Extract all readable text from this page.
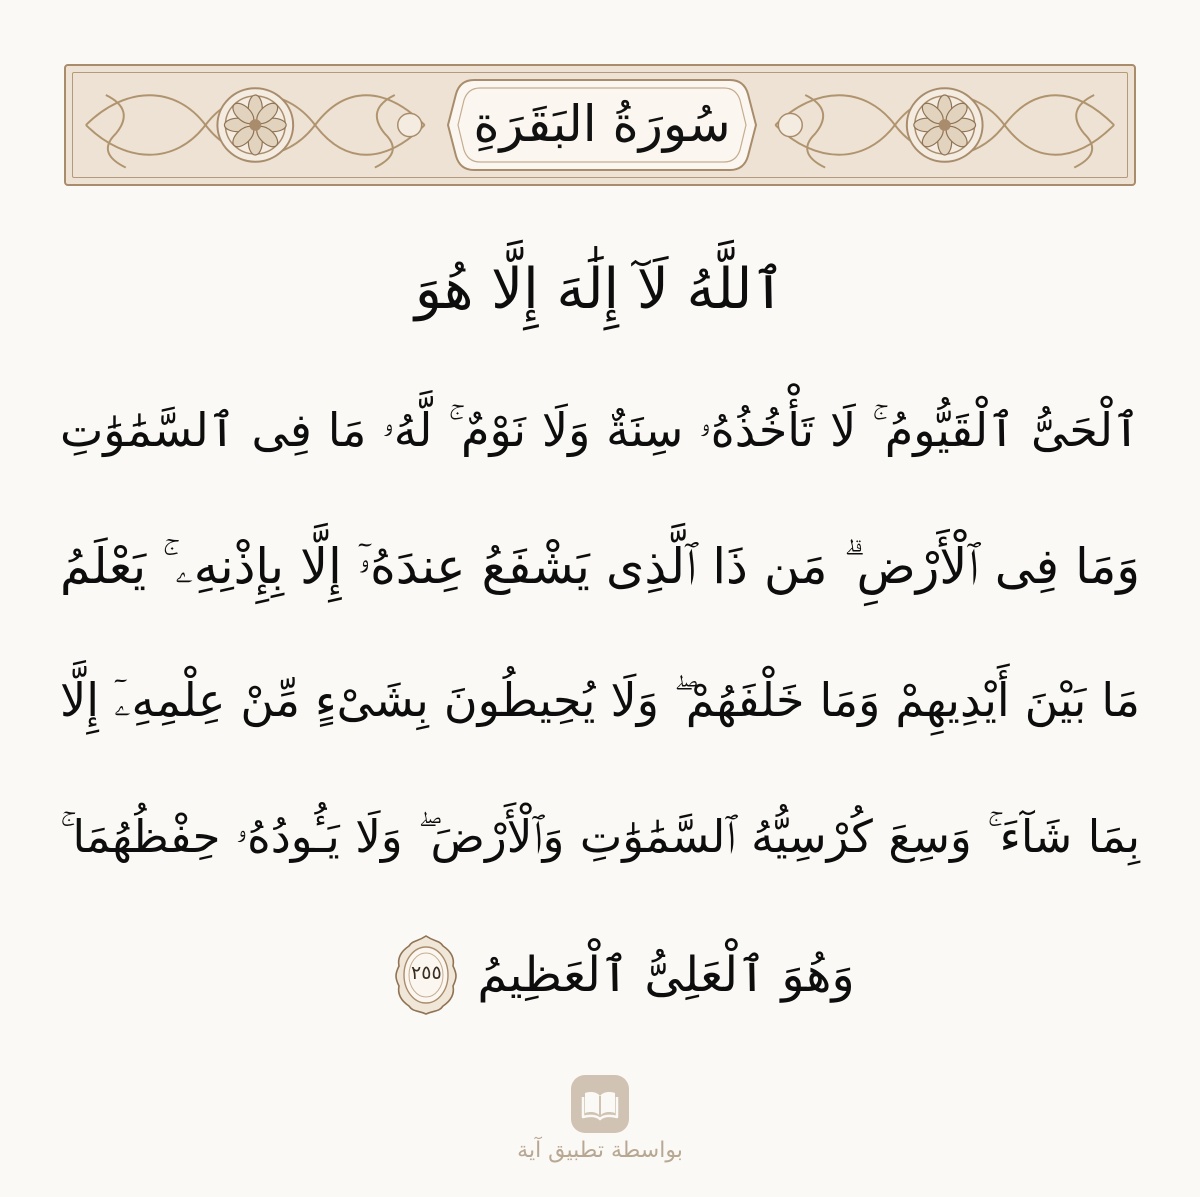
سُورَةُ البَقَرَةِ
ٱللَّهُ لَآ إِلَٰهَ إِلَّا هُوَ
ٱلْحَىُّ ٱلْقَيُّومُ ۚ لَا تَأْخُذُهُۥ سِنَةٌ وَلَا نَوْمٌ ۚ لَّهُۥ مَا فِى ٱلسَّمَٰوَٰتِ
وَمَا فِى ٱلْأَرْضِ ۗ مَن ذَا ٱلَّذِى يَشْفَعُ عِندَهُۥٓ إِلَّا بِإِذْنِهِۦ ۚ يَعْلَمُ
مَا بَيْنَ أَيْدِيهِمْ وَمَا خَلْفَهُمْ ۖ وَلَا يُحِيطُونَ بِشَىْءٍ مِّنْ عِلْمِهِۦٓ إِلَّا
بِمَا شَآءَ ۚ وَسِعَ كُرْسِيُّهُ ٱلسَّمَٰوَٰتِ وَٱلْأَرْضَ ۖ وَلَا يَـُٔودُهُۥ حِفْظُهُمَا ۚ
وَهُوَ ٱلْعَلِىُّ ٱلْعَظِيمُ
٢٥٥
بواسطة تطبيق آية
